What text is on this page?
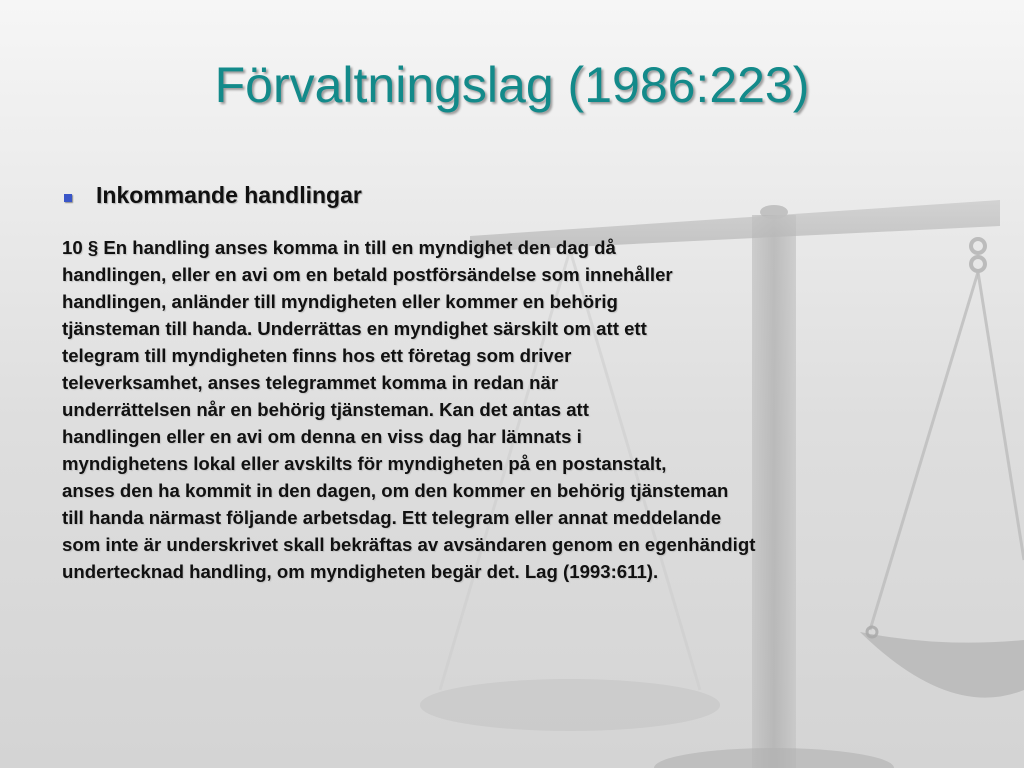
Förvaltningslag (1986:223)
Inkommande handlingar
10 § En handling anses komma in till en myndighet den dag då
handlingen, eller en avi om en betald postförsändelse som innehåller
handlingen, anländer till myndigheten eller kommer en behörig
tjänsteman till handa. Underrättas en myndighet särskilt om att ett
telegram till myndigheten finns hos ett företag som driver
televerksamhet, anses telegrammet komma in redan när
underrättelsen når en behörig tjänsteman. Kan det antas att
handlingen eller en avi om denna en viss dag har lämnats i
myndighetens lokal eller avskilts för myndigheten på en postanstalt,
anses den ha kommit in den dagen, om den kommer en behörig tjänsteman
till handa närmast följande arbetsdag. Ett telegram eller annat meddelande
som inte är underskrivet skall bekräftas av avsändaren genom en egenhändigt
undertecknad handling, om myndigheten begär det. Lag (1993:611).
